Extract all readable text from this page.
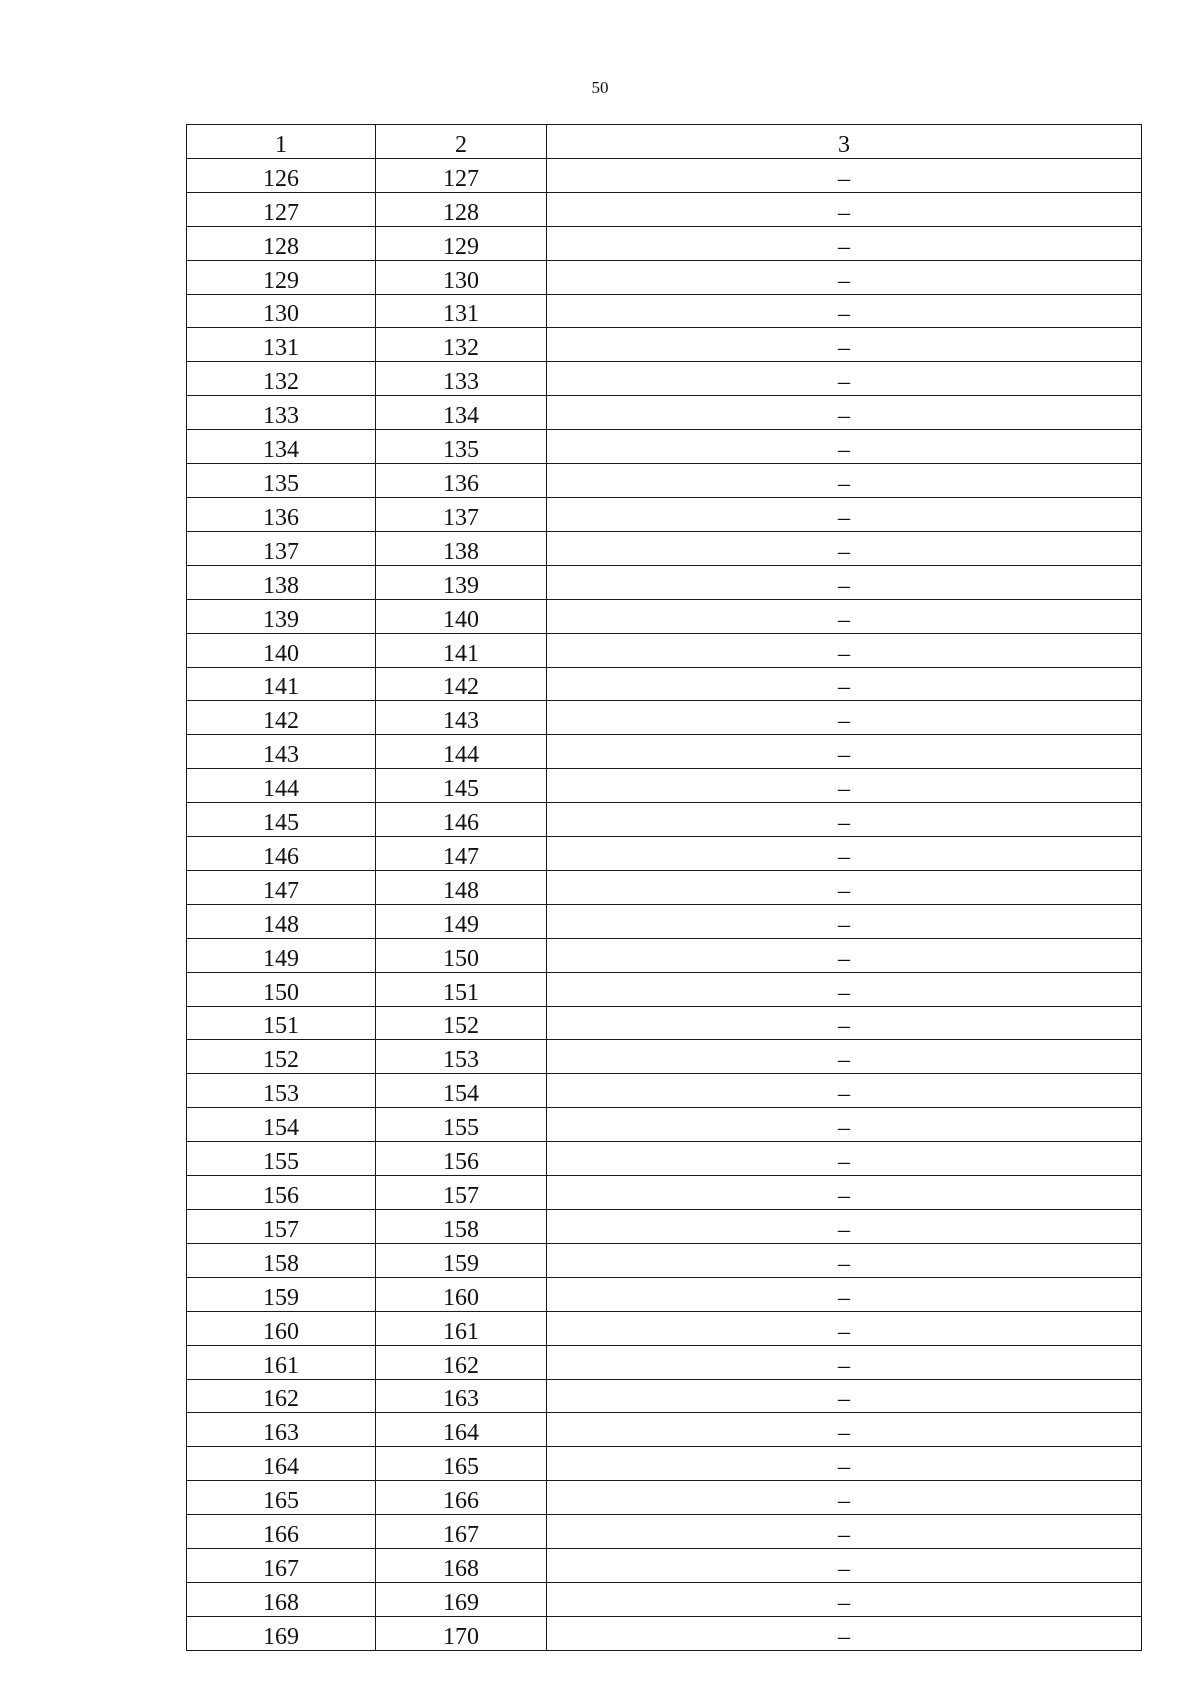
50
1	2	3
126	127	–
127	128	–
128	129	–
129	130	–
130	131	–
131	132	–
132	133	–
133	134	–
134	135	–
135	136	–
136	137	–
137	138	–
138	139	–
139	140	–
140	141	–
141	142	–
142	143	–
143	144	–
144	145	–
145	146	–
146	147	–
147	148	–
148	149	–
149	150	–
150	151	–
151	152	–
152	153	–
153	154	–
154	155	–
155	156	–
156	157	–
157	158	–
158	159	–
159	160	–
160	161	–
161	162	–
162	163	–
163	164	–
164	165	–
165	166	–
166	167	–
167	168	–
168	169	–
169	170	–
